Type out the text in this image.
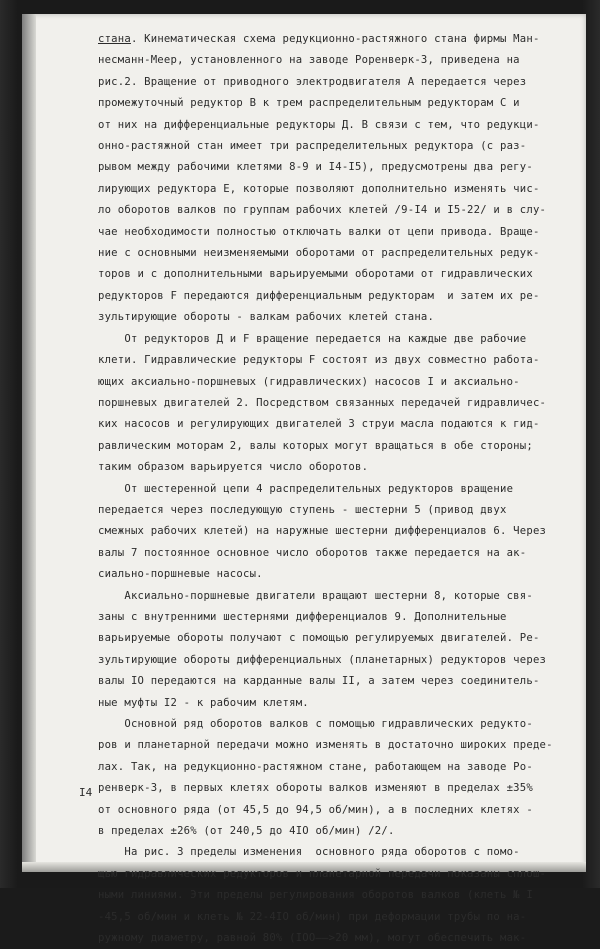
стана. Кинематическая схема редукционно-растяжного стана фирмы Ман-
несманн-Меер, установленного на заводе Роренверк-З, приведена на
рис.2. Вращение от приводного электродвигателя А передается через
промежуточный редуктор В к трем распределительным редукторам С и
от них на дифференциальные редукторы Д. В связи с тем, что редукци-
онно-растяжной стан имеет три распределительных редуктора (с раз-
рывом между рабочими клетями 8-9 и I4-I5), предусмотрены два регу-
лирующих редуктора Е, которые позволяют дополнительно изменять чис-
ло оборотов валков по группам рабочих клетей /9-I4 и I5-22/ и в слу-
чае необходимости полностью отключать валки от цепи привода. Враще-
ние с основными неизменяемыми оборотами от распределительных редук-
торов и с дополнительными варьируемыми оборотами от гидравлических
редукторов F передаются дифференциальным редукторам  и затем их ре-
зультирующие обороты - валкам рабочих клетей стана.
От редукторов Д и F вращение передается на каждые две рабочие
клети. Гидравлические редукторы F состоят из двух совместно работа-
ющих аксиально-поршневых (гидравлических) насосов I и аксиально-
поршневых двигателей 2. Посредством связанных передачей гидравличес-
ких насосов и регулирующих двигателей З струи масла подаются к гид-
равлическим моторам 2, валы которых могут вращаться в обе стороны;
таким образом варьируется число оборотов.
От шестеренной цепи 4 распределительных редукторов вращение
передается через последующую ступень - шестерни 5 (привод двух
смежных рабочих клетей) на наружные шестерни дифференциалов 6. Через
валы 7 постоянное основное число оборотов также передается на ак-
сиально-поршневые насосы.
Аксиально-поршневые двигатели вращают шестерни 8, которые свя-
заны с внутренними шестернями дифференциалов 9. Дополнительные
варьируемые обороты получают с помощью регулируемых двигателей. Ре-
зультирующие обороты дифференциальных (планетарных) редукторов через
валы IO передаются на карданные валы II, а затем через соединитель-
ные муфты I2 - к рабочим клетям.
Основной ряд оборотов валков с помощью гидравлических редукто-
ров и планетарной передачи можно изменять в достаточно широких преде-
лах. Так, на редукционно-растяжном стане, работающем на заводе Ро-
ренверк-З, в первых клетях обороты валков изменяют в пределах ±35%
от основного ряда (от 45,5 до 94,5 об/мин), а в последних клетях -
в пределах ±26% (от 240,5 до 4IO об/мин) /2/.
На рис. З пределы изменения  основного ряда оборотов с помо-
щью гидравлических редукторов и планетарной передачи показаны сплош-
ными линиями. Эти пределы регулирования оборотов валков (клеть № I
-45,5 об/мин и клеть № 22-4IO об/мин) при деформации трубы по на-
ружному диаметру, равной 80% (IOO——>20 мм), могут обеспечить мак-
I4
